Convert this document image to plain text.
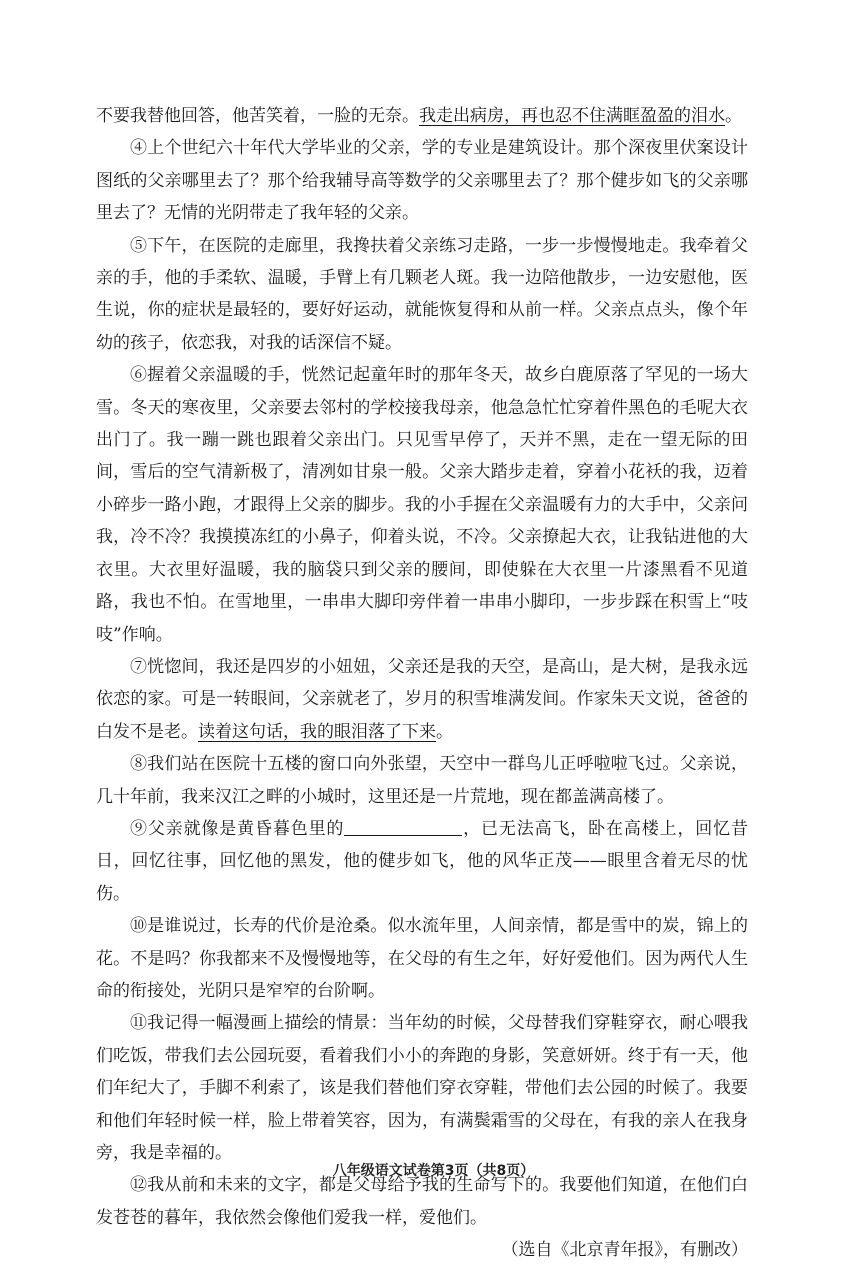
不要我替他回答，他苦笑着，一脸的无奈。我走出病房，再也忍不住满眶盈盈的泪水。

④上个世纪六十年代大学毕业的父亲，学的专业是建筑设计。那个深夜里伏案设计图纸的父亲哪里去了？那个给我辅导高等数学的父亲哪里去了？那个健步如飞的父亲哪里去了？无情的光阴带走了我年轻的父亲。

⑤下午，在医院的走廊里，我搀扶着父亲练习走路，一步一步慢慢地走。我牵着父亲的手，他的手柔软、温暖，手臂上有几颗老人斑。我一边陪他散步，一边安慰他，医生说，你的症状是最轻的，要好好运动，就能恢复得和从前一样。父亲点点头，像个年幼的孩子，依恋我，对我的话深信不疑。

⑥握着父亲温暖的手，恍然记起童年时的那年冬天，故乡白鹿原落了罕见的一场大雪。冬天的寒夜里，父亲要去邻村的学校接我母亲，他急急忙忙穿着件黑色的毛呢大衣出门了。我一蹦一跳也跟着父亲出门。只见雪早停了，天并不黑，走在一望无际的田间，雪后的空气清新极了，清冽如甘泉一般。父亲大踏步走着，穿着小花袄的我，迈着小碎步一路小跑，才跟得上父亲的脚步。我的小手握在父亲温暖有力的大手中，父亲问我，冷不冷？我摸摸冻红的小鼻子，仰着头说，不冷。父亲撩起大衣，让我钻进他的大衣里。大衣里好温暖，我的脑袋只到父亲的腰间，即使躲在大衣里一片漆黑看不见道路，我也不怕。在雪地里，一串串大脚印旁伴着一串串小脚印，一步步踩在积雪上“吱吱”作响。

⑦恍惚间，我还是四岁的小妞妞，父亲还是我的天空，是高山，是大树，是我永远依恋的家。可是一转眼间，父亲就老了，岁月的积雪堆满发间。作家朱天文说，爸爸的白发不是老。读着这句话，我的眼泪落了下来。

⑧我们站在医院十五楼的窗口向外张望，天空中一群鸟儿正呼啦啦飞过。父亲说，几十年前，我来汉江之畔的小城时，这里还是一片荒地，现在都盖满高楼了。

⑨父亲就像是黄昏暮色里的	，已无法高飞，卧在高楼上，回忆昔日，回忆往事，回忆他的黑发，他的健步如飞，他的风华正茂——眼里含着无尽的忧伤。

⑩是谁说过，长寿的代价是沧桑。似水流年里，人间亲情，都是雪中的炭，锦上的花。不是吗？你我都来不及慢慢地等，在父母的有生之年，好好爱他们。因为两代人生命的衔接处，光阴只是窄窄的台阶啊。

⑪我记得一幅漫画上描绘的情景：当年幼的时候，父母替我们穿鞋穿衣，耐心喂我们吃饭，带我们去公园玩耍，看着我们小小的奔跑的身影，笑意妍妍。终于有一天，他们年纪大了，手脚不利索了，该是我们替他们穿衣穿鞋，带他们去公园的时候了。我要和他们年轻时候一样，脸上带着笑容，因为，有满鬓霜雪的父母在，有我的亲人在我身旁，我是幸福的。

⑫我从前和未来的文字，都是父母给予我的生命写下的。我要他们知道，在他们白发苍苍的暮年，我依然会像他们爱我一样，爱他们。

（选自《北京青年报》，有删改）

八年级语文试卷第3页（共8页）
